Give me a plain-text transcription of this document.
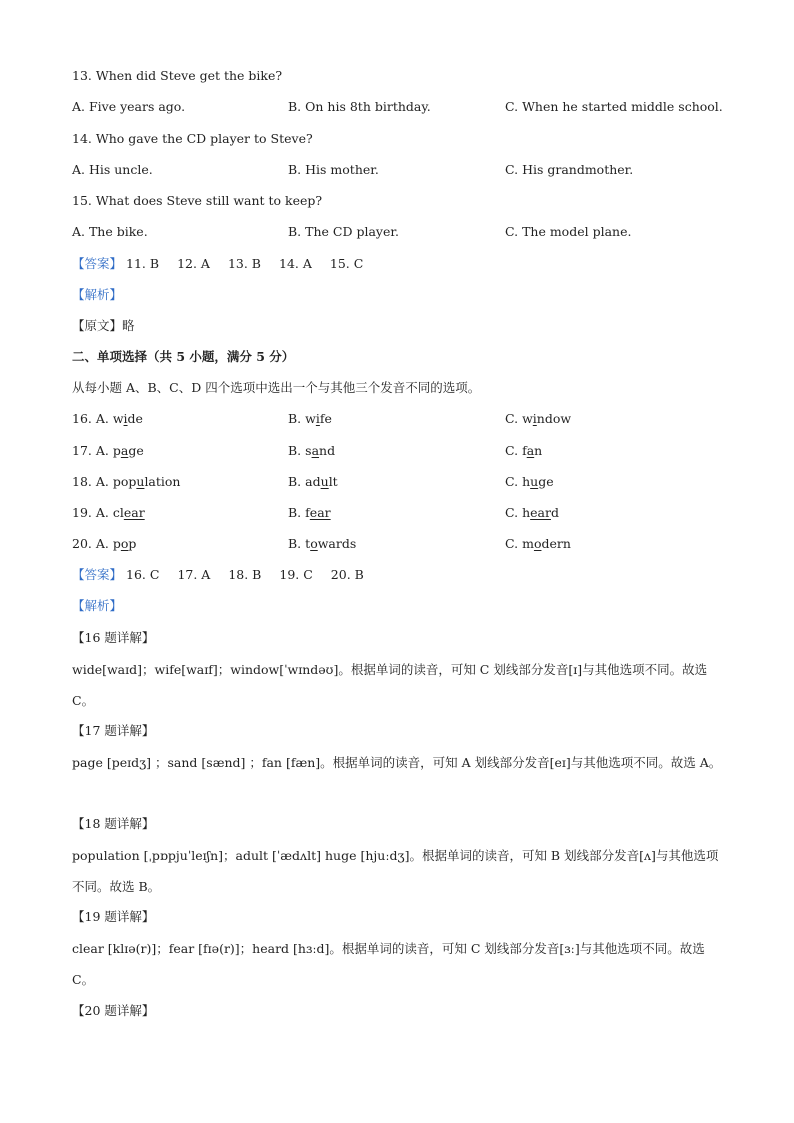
13. When did Steve get the bike?
A. Five years ago.	B. On his 8th birthday.	C. When he started middle school.
14. Who gave the CD player to Steve?
A. His uncle.	B. His mother.	C. His grandmother.
15. What does Steve still want to keep?
A. The bike.	B. The CD player.	C. The model plane.
【答案】 11. B 12. A 13. B 14. A 15. C
【解析】
【原文】略
二、单项选择（共 5 小题，满分 5 分）
从每小题 A、B、C、D 四个选项中选出一个与其他三个发音不同的选项。
16. A. wide	B. wife	C. window
17. A. page	B. sand	C. fan
18. A. population	B. adult	C. huge
19. A. clear	B. fear	C. heard
20. A. pop	B. towards	C. modern
【答案】 16. C 17. A 18. B 19. C 20. B
【解析】
【16 题详解】
wide[waɪd]；wife[waɪf]；window[ˈwɪndəʊ]。根据单词的读音，可知 C 划线部分发音[ɪ]与其他选项不同。故选 C。
【17 题详解】
page [peɪdʒ] ；sand [sænd] ；fan [fæn]。根据单词的读音，可知 A 划线部分发音[eɪ]与其他选项不同。故选 A。
【18 题详解】
population [ˌpɒpjuˈleɪʃn]；adult [ˈædʌlt] huge [hjuːdʒ]。根据单词的读音，可知 B 划线部分发音[ʌ]与其他选项不同。故选 B。
【19 题详解】
clear [klɪə(r)]；fear [fɪə(r)]；heard [hɜːd]。根据单词的读音，可知 C 划线部分发音[ɜː]与其他选项不同。故选 C。
【20 题详解】
